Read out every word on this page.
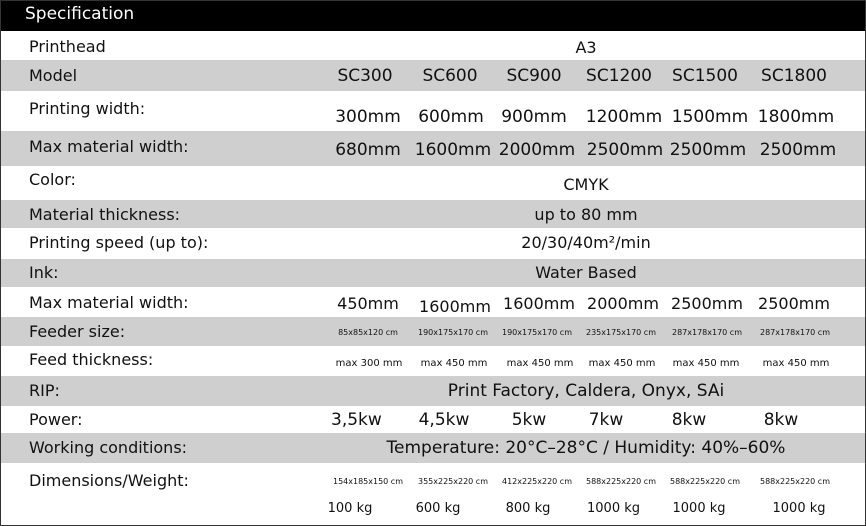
Specification
Printhead	A3
Model	SC300	SC600	SC900	SC1200	SC1500	SC1800
Printing width:	300mm	600mm	900mm	1200mm 1500mm 1800mm
Max material width:	680mm 1600mm 2000mm 2500mm 2500mm 2500mm
Color:	CMYK
Material thickness:	up to 80 mm
Printing speed (up to):	20/30/40m²/min
Ink:	Water Based
Max material width:	450mm	1600mm 1600mm 2000mm 2500mm 2500mm
Feeder size:	85x85x120 cm	190x175x170 cm	190x175x170 cm	235x175x170 cm	287x178x170 cm	287x178x170 cm
Feed thickness:	max 300 mm	max 450 mm	max 450 mm	max 450 mm	max 450 mm	max 450 mm
RIP:	Print Factory, Caldera, Onyx, SAi
Power:	3,5kw 4,5kw	5kw	7kw	8kw	8kw
Working conditions:	Temperature: 20°C–28°C / Humidity: 40%–60%
Dimensions/Weight:	154x185x150 cm	355x225x220 cm	412x225x220 cm	588x225x220 cm	588x225x220 cm	588x225x220 cm
100 kg	600 kg	800 kg	1000 kg	1000 kg	1000 kg
